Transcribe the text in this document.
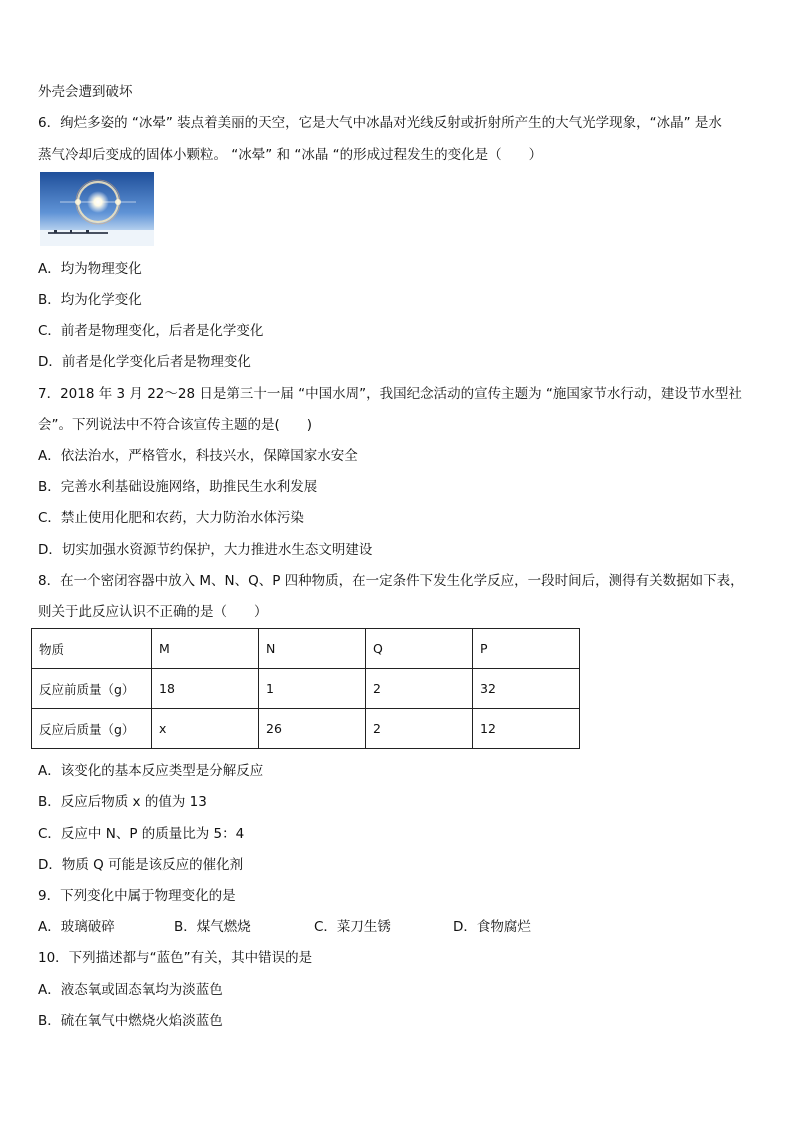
外壳会遭到破坏
6．绚烂多姿的 “冰晕” 装点着美丽的天空，它是大气中冰晶对光线反射或折射所产生的大气光学现象，“冰晶” 是水
蒸气冷却后变成的固体小颗粒。 “冰晕” 和 “冰晶 “的形成过程发生的变化是（　　）
A．均为物理变化
B．均为化学变化
C．前者是物理变化，后者是化学变化
D．前者是化学变化后者是物理变化
7．2018 年 3 月 22～28 日是第三十一届 “中国水周”，我国纪念活动的宣传主题为 “施国家节水行动，建设节水型社
会”。下列说法中不符合该宣传主题的是(　　)
A．依法治水，严格管水，科技兴水，保障国家水安全
B．完善水利基础设施网络，助推民生水利发展
C．禁止使用化肥和农药，大力防治水体污染
D．切实加强水资源节约保护，大力推进水生态文明建设
8．在一个密闭容器中放入 M、N、Q、P 四种物质，在一定条件下发生化学反应，一段时间后，测得有关数据如下表，
则关于此反应认识不正确的是（　　）
物质	M	N	Q	P
反应前质量（g）	18	1	2	32
反应后质量（g）	x	26	2	12
A．该变化的基本反应类型是分解反应
B．反应后物质 x 的值为 13
C．反应中 N、P 的质量比为 5：4
D．物质 Q 可能是该反应的催化剂
9．下列变化中属于物理变化的是
A．玻璃破碎	B．煤气燃烧	C．菜刀生锈	D．食物腐烂
10．下列描述都与“蓝色”有关，其中错误的是
A．液态氧或固态氧均为淡蓝色
B．硫在氧气中燃烧火焰淡蓝色
